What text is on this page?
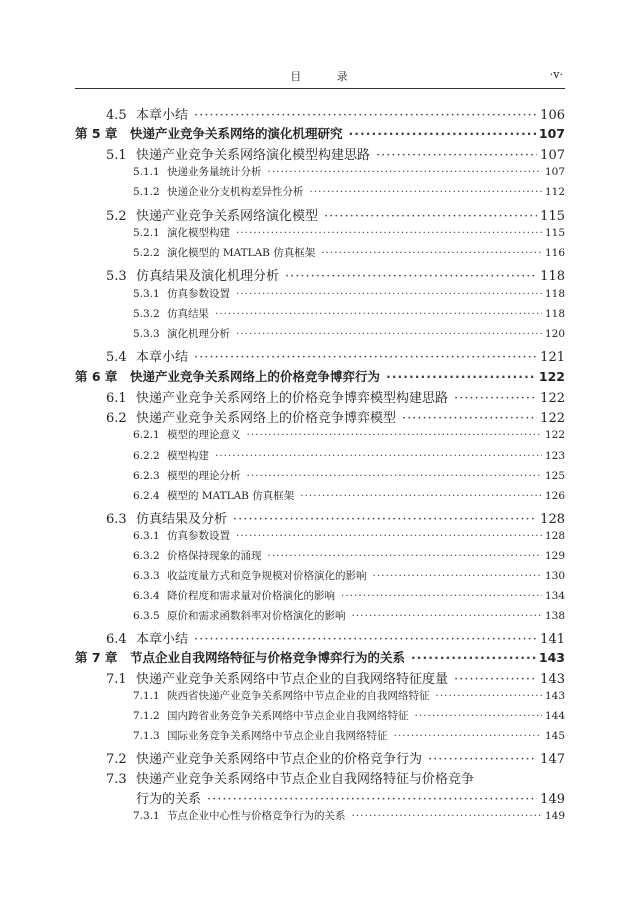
目 录	·v·
4.5 本章小结 ·····	106
第 5 章	快递产业竞争关系网络的演化机理研究 ·····	107
5.1 快递产业竞争关系网络演化模型构建思路 ·····	107
5.1.1 快递业务量统计分析 ·····	107
5.1.2 快递企业分支机构差异性分析 ·····	112
5.2 快递产业竞争关系网络演化模型 ·····	115
5.2.1 演化模型构建 ·····	115
5.2.2 演化模型的 MATLAB 仿真框架 ·····	116
5.3 仿真结果及演化机理分析 ·····	118
5.3.1 仿真参数设置 ·····	118
5.3.2 仿真结果 ·····	118
5.3.3 演化机理分析 ·····	120
5.4 本章小结 ·····	121
第 6 章	快递产业竞争关系网络上的价格竞争博弈行为 ·····	122
6.1 快递产业竞争关系网络上的价格竞争博弈模型构建思路 ·····	122
6.2 快递产业竞争关系网络上的价格竞争博弈模型 ·····	122
6.2.1 模型的理论意义 ·····	122
6.2.2 模型构建 ·····	123
6.2.3 模型的理论分析 ·····	125
6.2.4 模型的 MATLAB 仿真框架 ·····	126
6.3 仿真结果及分析 ·····	128
6.3.1 仿真参数设置 ·····	128
6.3.2 价格保持现象的涌现 ·····	129
6.3.3 收益度量方式和竞争规模对价格演化的影响 ·····	130
6.3.4 降价程度和需求量对价格演化的影响 ·····	134
6.3.5 原价和需求函数斜率对价格演化的影响 ·····	138
6.4 本章小结 ·····	141
第 7 章	节点企业自我网络特征与价格竞争博弈行为的关系 ·····	143
7.1 快递产业竞争关系网络中节点企业的自我网络特征度量 ·····	143
7.1.1 陕西省快递产业竞争关系网络中节点企业的自我网络特征 ·····	143
7.1.2 国内跨省业务竞争关系网络中节点企业自我网络特征 ·····	144
7.1.3 国际业务竞争关系网络中节点企业自我网络特征 ·····	145
7.2 快递产业竞争关系网络中节点企业的价格竞争行为 ·····	147
7.3 快递产业竞争关系网络中节点企业自我网络特征与价格竞争
行为的关系 ·····	149
7.3.1 节点企业中心性与价格竞争行为的关系 ·····	149
